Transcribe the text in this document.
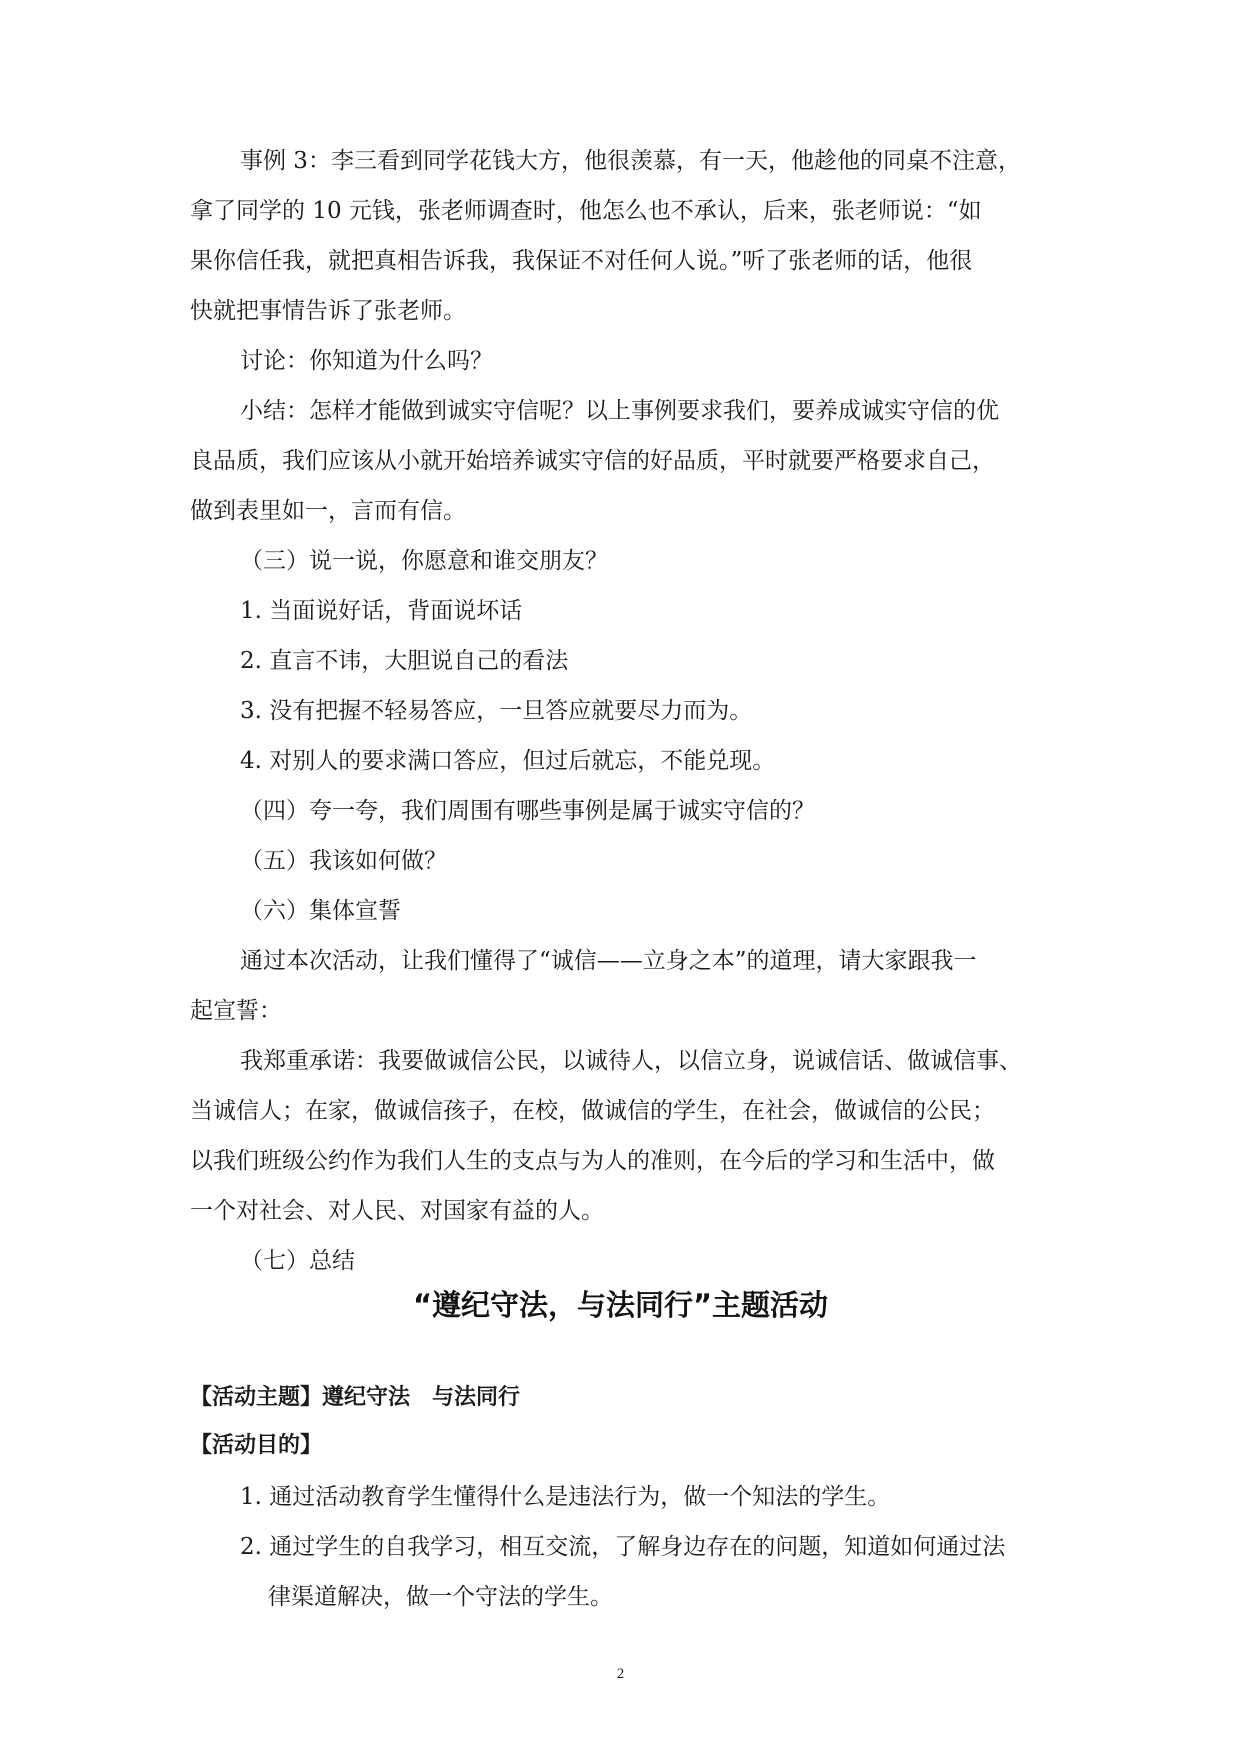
事例 3：李三看到同学花钱大方，他很羡慕，有一天，他趁他的同桌不注意，
拿了同学的 10 元钱，张老师调查时，他怎么也不承认，后来，张老师说：“如
果你信任我，就把真相告诉我，我保证不对任何人说。”听了张老师的话，他很
快就把事情告诉了张老师。
讨论：你知道为什么吗？
小结：怎样才能做到诚实守信呢？以上事例要求我们，要养成诚实守信的优
良品质，我们应该从小就开始培养诚实守信的好品质，平时就要严格要求自己，
做到表里如一，言而有信。
（三）说一说，你愿意和谁交朋友？
1. 当面说好话，背面说坏话
2. 直言不讳，大胆说自己的看法
3. 没有把握不轻易答应，一旦答应就要尽力而为。
4. 对别人的要求满口答应，但过后就忘，不能兑现。
（四）夸一夸，我们周围有哪些事例是属于诚实守信的？
（五）我该如何做？
（六）集体宣誓
通过本次活动，让我们懂得了“诚信——立身之本”的道理，请大家跟我一
起宣誓：
我郑重承诺：我要做诚信公民，以诚待人，以信立身，说诚信话、做诚信事、
当诚信人；在家，做诚信孩子，在校，做诚信的学生，在社会，做诚信的公民；
以我们班级公约作为我们人生的支点与为人的准则，在今后的学习和生活中，做
一个对社会、对人民、对国家有益的人。
（七）总结
“遵纪守法，与法同行”主题活动
【活动主题】遵纪守法　与法同行
【活动目的】
1. 通过活动教育学生懂得什么是违法行为，做一个知法的学生。
2. 通过学生的自我学习，相互交流，了解身边存在的问题，知道如何通过法
律渠道解决，做一个守法的学生。
2
